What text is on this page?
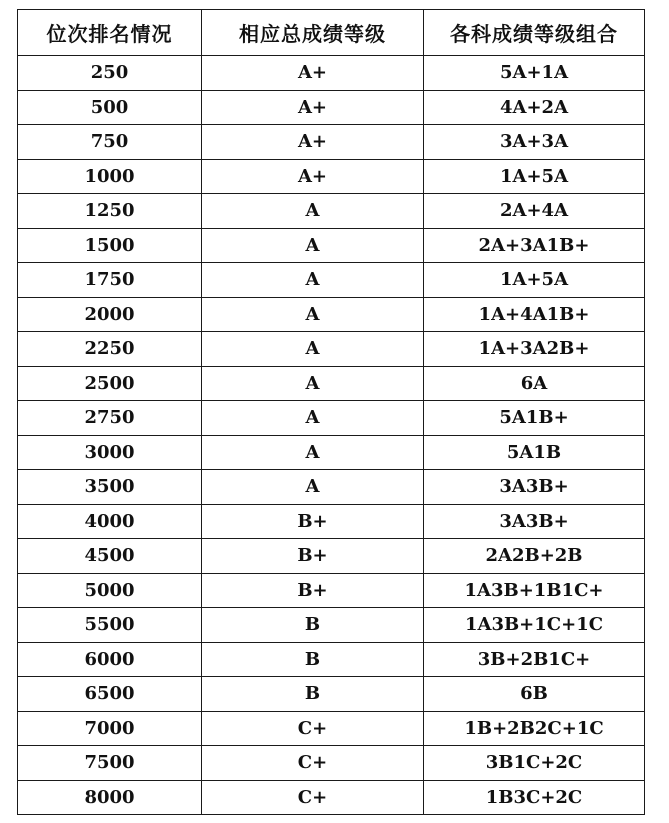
位次排名情况	相应总成绩等级	各科成绩等级组合
250	A+	5A+1A
500	A+	4A+2A
750	A+	3A+3A
1000	A+	1A+5A
1250	A	2A+4A
1500	A	2A+3A1B+
1750	A	1A+5A
2000	A	1A+4A1B+
2250	A	1A+3A2B+
2500	A	6A
2750	A	5A1B+
3000	A	5A1B
3500	A	3A3B+
4000	B+	3A3B+
4500	B+	2A2B+2B
5000	B+	1A3B+1B1C+
5500	B	1A3B+1C+1C
6000	B	3B+2B1C+
6500	B	6B
7000	C+	1B+2B2C+1C
7500	C+	3B1C+2C
8000	C+	1B3C+2C
